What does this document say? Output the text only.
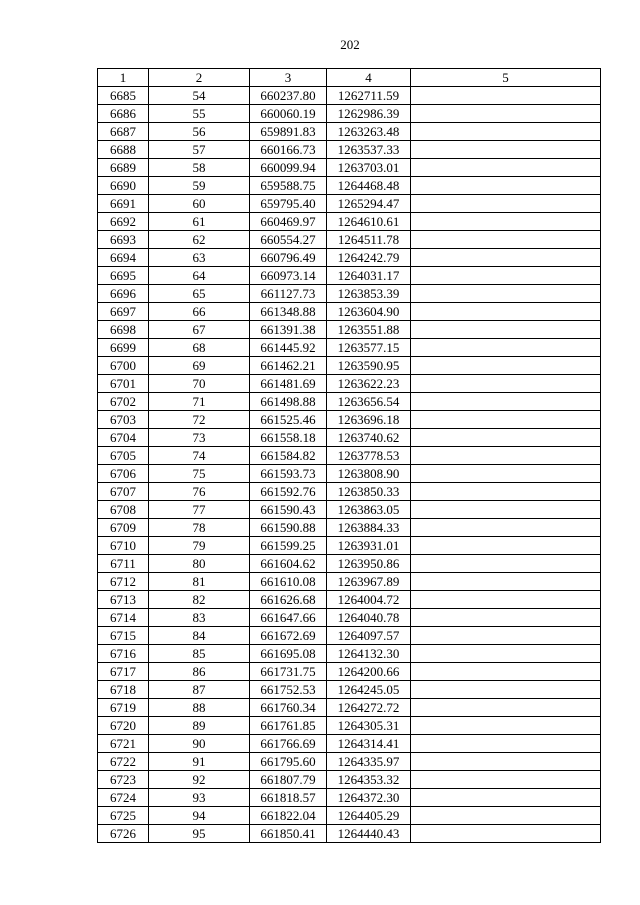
202
1	2	3	4	5
6685	54	660237.80	1262711.59	
6686	55	660060.19	1262986.39	
6687	56	659891.83	1263263.48	
6688	57	660166.73	1263537.33	
6689	58	660099.94	1263703.01	
6690	59	659588.75	1264468.48	
6691	60	659795.40	1265294.47	
6692	61	660469.97	1264610.61	
6693	62	660554.27	1264511.78	
6694	63	660796.49	1264242.79	
6695	64	660973.14	1264031.17	
6696	65	661127.73	1263853.39	
6697	66	661348.88	1263604.90	
6698	67	661391.38	1263551.88	
6699	68	661445.92	1263577.15	
6700	69	661462.21	1263590.95	
6701	70	661481.69	1263622.23	
6702	71	661498.88	1263656.54	
6703	72	661525.46	1263696.18	
6704	73	661558.18	1263740.62	
6705	74	661584.82	1263778.53	
6706	75	661593.73	1263808.90	
6707	76	661592.76	1263850.33	
6708	77	661590.43	1263863.05	
6709	78	661590.88	1263884.33	
6710	79	661599.25	1263931.01	
6711	80	661604.62	1263950.86	
6712	81	661610.08	1263967.89	
6713	82	661626.68	1264004.72	
6714	83	661647.66	1264040.78	
6715	84	661672.69	1264097.57	
6716	85	661695.08	1264132.30	
6717	86	661731.75	1264200.66	
6718	87	661752.53	1264245.05	
6719	88	661760.34	1264272.72	
6720	89	661761.85	1264305.31	
6721	90	661766.69	1264314.41	
6722	91	661795.60	1264335.97	
6723	92	661807.79	1264353.32	
6724	93	661818.57	1264372.30	
6725	94	661822.04	1264405.29	
6726	95	661850.41	1264440.43	
